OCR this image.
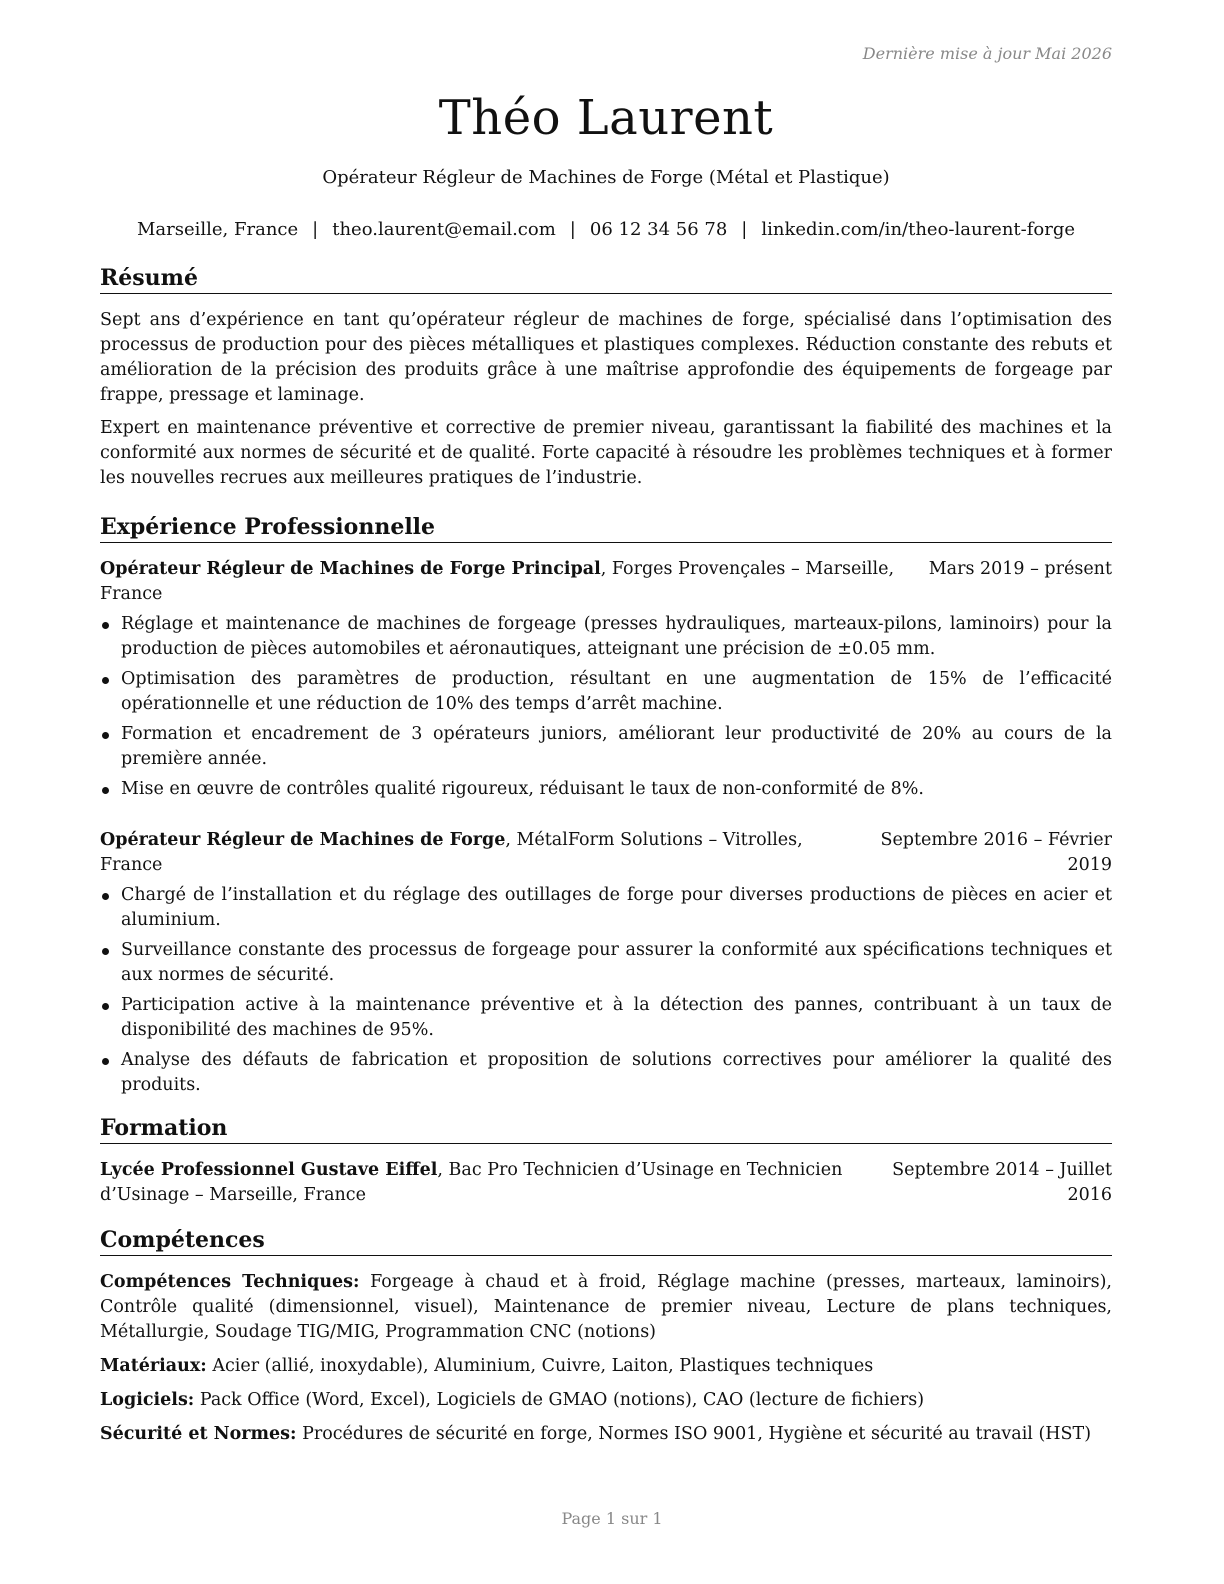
Dernière mise à jour Mai 2026
Théo Laurent
Opérateur Régleur de Machines de Forge (Métal et Plastique)
Marseille, France | theo.laurent@email.com | 06 12 34 56 78 | linkedin.com/in/theo-laurent-forge
Résumé

Sept ans d’expérience en tant qu’opérateur régleur de machines de forge, spécialisé dans l’optimisation des processus de production pour des pièces métalliques et plastiques complexes. Réduction constante des rebuts et amélioration de la précision des produits grâce à une maîtrise approfondie des équipements de forgeage par frappe, pressage et laminage.

Expert en maintenance préventive et corrective de premier niveau, garantissant la fiabilité des machines et la conformité aux normes de sécurité et de qualité. Forte capacité à résoudre les problèmes techniques et à former les nouvelles recrues aux meilleures pratiques de l’industrie.

Expérience Professionnelle
Opérateur Régleur de Machines de Forge Principal, Forges Provençales – Marseille, France
Mars 2019 – présent
Réglage et maintenance de machines de forgeage (presses hydrauliques, marteaux-pilons, laminoirs) pour la production de pièces automobiles et aéronautiques, atteignant une précision de ±0.05 mm.
Optimisation des paramètres de production, résultant en une augmentation de 15% de l’efficacité opérationnelle et une réduction de 10% des temps d’arrêt machine.
Formation et encadrement de 3 opérateurs juniors, améliorant leur productivité de 20% au cours de la première année.
Mise en œuvre de contrôles qualité rigoureux, réduisant le taux de non-conformité de 8%.
Opérateur Régleur de Machines de Forge, MétalForm Solutions – Vitrolles, France
Septembre 2016 – Février 2019
Chargé de l’installation et du réglage des outillages de forge pour diverses productions de pièces en acier et aluminium.
Surveillance constante des processus de forgeage pour assurer la conformité aux spécifications techniques et aux normes de sécurité.
Participation active à la maintenance préventive et à la détection des pannes, contribuant à un taux de disponibilité des machines de 95%.
Analyse des défauts de fabrication et proposition de solutions correctives pour améliorer la qualité des produits.
Formation
Lycée Professionnel Gustave Eiffel, Bac Pro Technicien d’Usinage en Technicien d’Usinage – Marseille, France
Septembre 2014 – Juillet 2016
Compétences
Compétences Techniques: Forgeage à chaud et à froid, Réglage machine (presses, marteaux, laminoirs), Contrôle qualité (dimensionnel, visuel), Maintenance de premier niveau, Lecture de plans techniques, Métallurgie, Soudage TIG/MIG, Programmation CNC (notions)
Matériaux: Acier (allié, inoxydable), Aluminium, Cuivre, Laiton, Plastiques techniques
Logiciels: Pack Office (Word, Excel), Logiciels de GMAO (notions), CAO (lecture de fichiers)
Sécurité et Normes: Procédures de sécurité en forge, Normes ISO 9001, Hygiène et sécurité au travail (HST)
Page 1 sur 1
